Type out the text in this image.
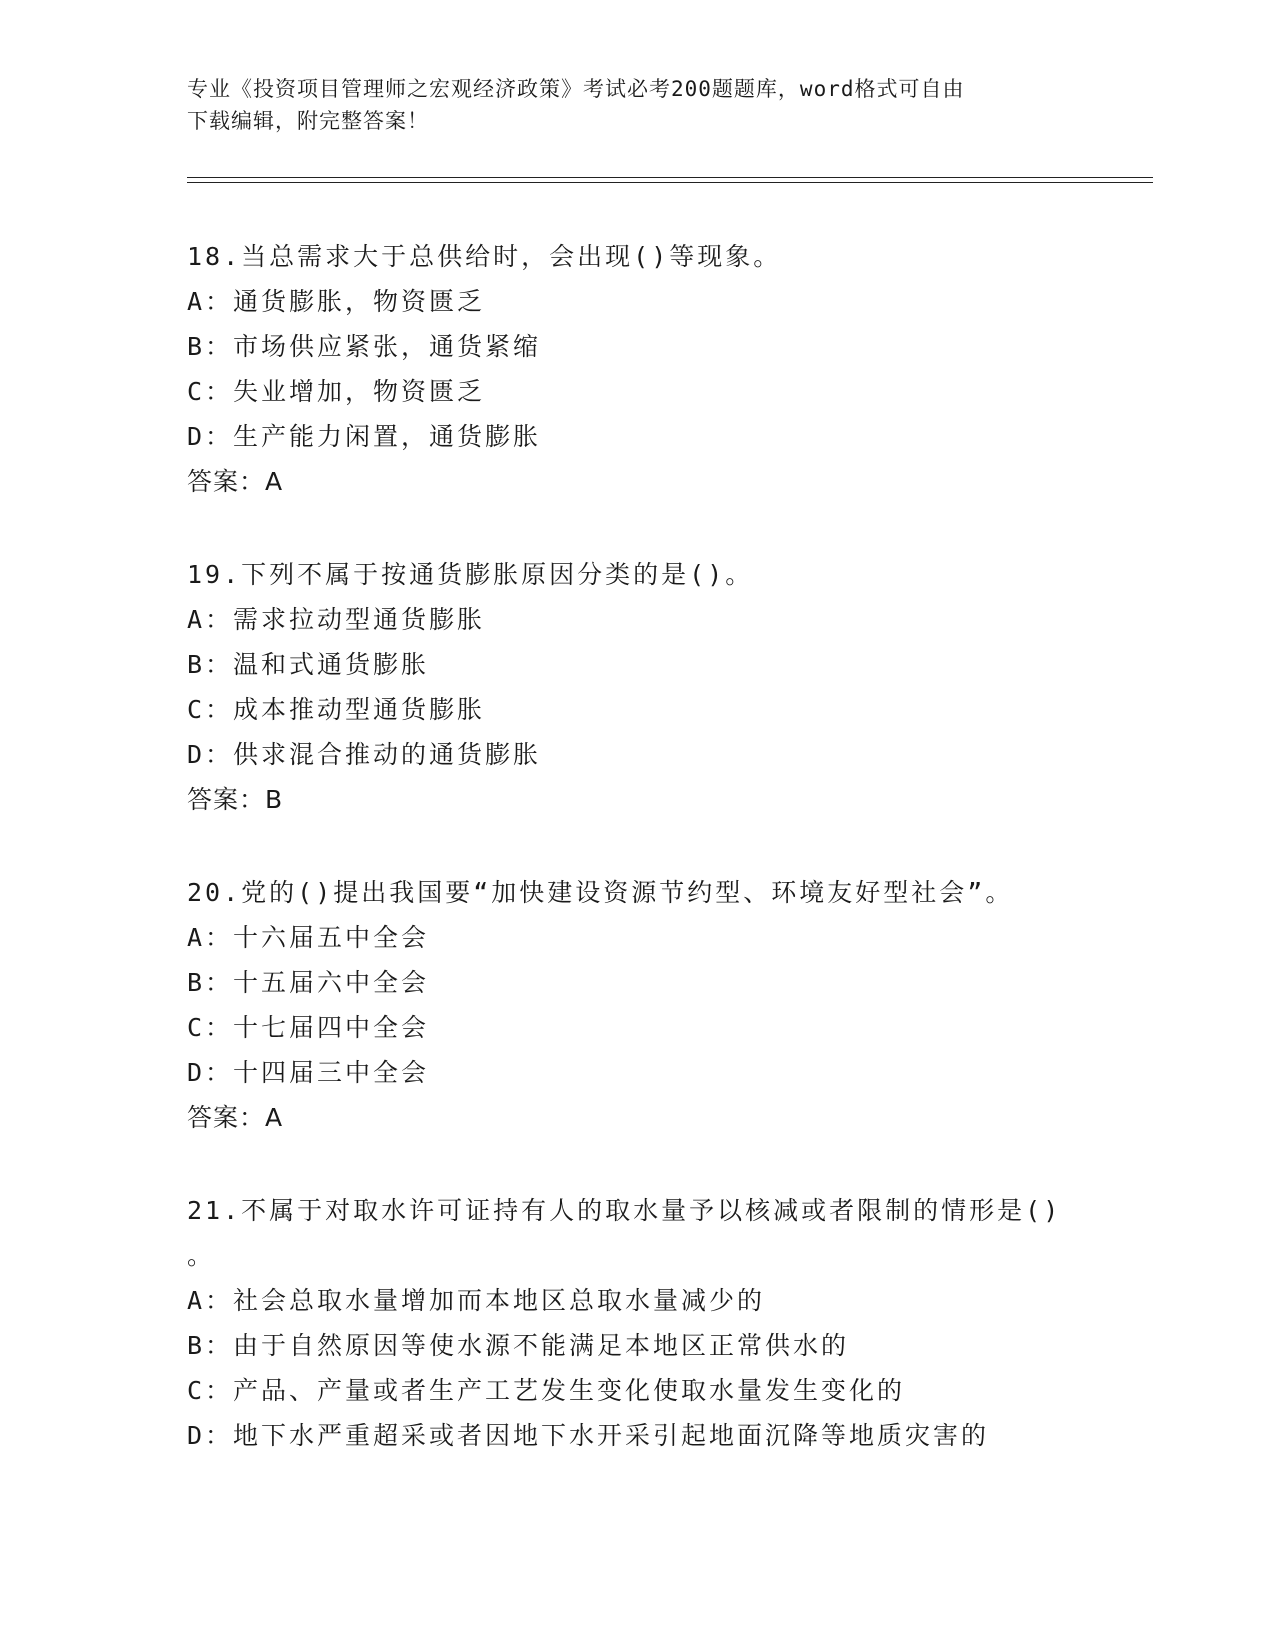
专业《投资项目管理师之宏观经济政策》考试必考200题题库，word格式可自由
下载编辑，附完整答案！

18.当总需求大于总供给时，会出现()等现象。

A：通货膨胀，物资匮乏

B：市场供应紧张，通货紧缩

C：失业增加，物资匮乏

D：生产能力闲置，通货膨胀

答案：A

19.下列不属于按通货膨胀原因分类的是()。

A：需求拉动型通货膨胀

B：温和式通货膨胀

C：成本推动型通货膨胀

D：供求混合推动的通货膨胀

答案：B

20.党的()提出我国要“加快建设资源节约型、环境友好型社会”。

A：十六届五中全会

B：十五届六中全会

C：十七届四中全会

D：十四届三中全会

答案：A

21.不属于对取水许可证持有人的取水量予以核减或者限制的情形是()

。

A：社会总取水量增加而本地区总取水量减少的

B：由于自然原因等使水源不能满足本地区正常供水的

C：产品、产量或者生产工艺发生变化使取水量发生变化的

D：地下水严重超采或者因地下水开采引起地面沉降等地质灾害的
